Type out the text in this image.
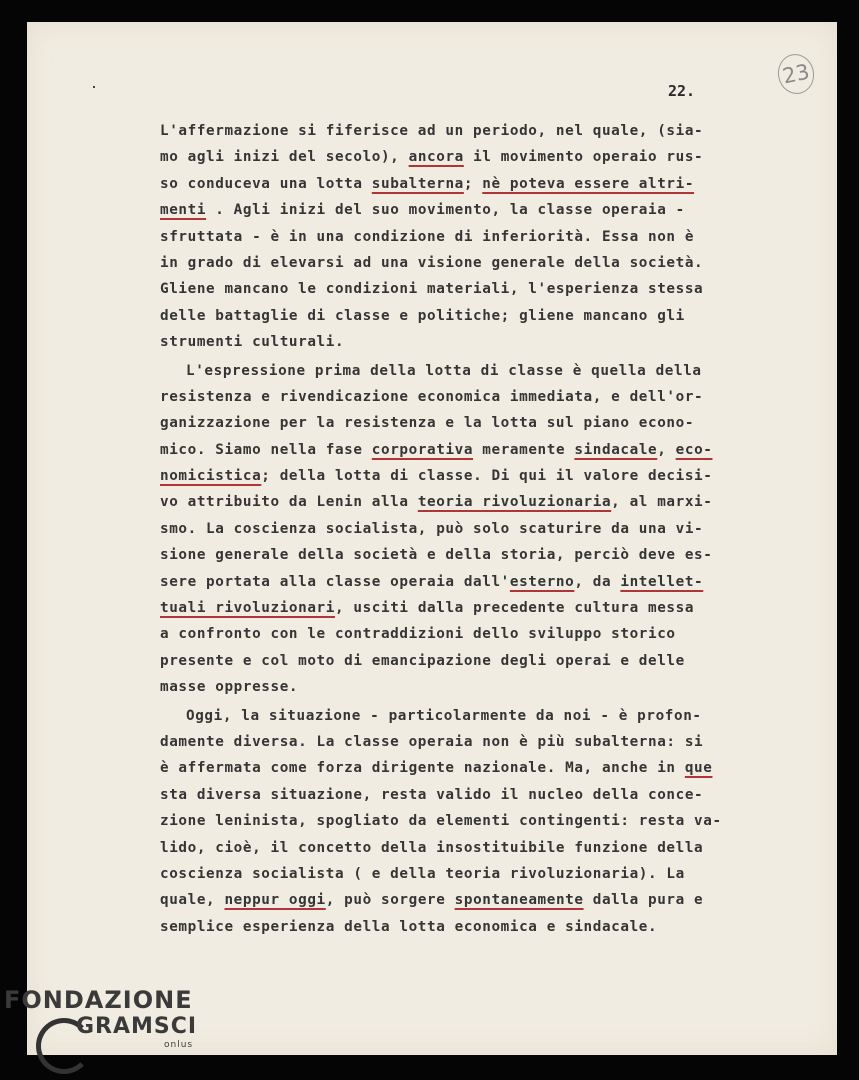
22.
23
L'affermazione si fiferisce ad un periodo, nel quale, (sia-
mo agli inizi del secolo), ancora il movimento operaio rus-
so conduceva una lotta subalterna; nè poteva essere altri-
menti . Agli inizi del suo movimento, la classe operaia -
sfruttata - è in una condizione di inferiorità. Essa non è
in grado di elevarsi ad una visione generale della società.
Gliene mancano le condizioni materiali, l'esperienza stessa
delle battaglie di classe e politiche; gliene mancano gli
strumenti culturali.
L'espressione prima della lotta di classe è quella della
resistenza e rivendicazione economica immediata, e dell'or-
ganizzazione per la resistenza e la lotta sul piano econo-
mico. Siamo nella fase corporativa meramente sindacale, eco-
nomicistica; della lotta di classe. Di qui il valore decisi-
vo attribuito da Lenin alla teoria rivoluzionaria, al marxi-
smo. La coscienza socialista, può solo scaturire da una vi-
sione generale della società e della storia, perciò deve es-
sere portata alla classe operaia dall'esterno, da intellet-
tuali rivoluzionari, usciti dalla precedente cultura messa
a confronto con le contraddizioni dello sviluppo storico
presente e col moto di emancipazione degli operai e delle
masse oppresse.
Oggi, la situazione - particolarmente da noi - è profon-
damente diversa. La classe operaia non è più subalterna: si
è affermata come forza dirigente nazionale. Ma, anche in que
sta diversa situazione, resta valido il nucleo della conce-
zione leninista, spogliato da elementi contingenti: resta va-
lido, cioè, il concetto della insostituibile funzione della
coscienza socialista ( e della teoria rivoluzionaria). La
quale, neppur oggi, può sorgere spontaneamente dalla pura e
semplice esperienza della lotta economica e sindacale.
FONDAZIONE
GRAMSCI
onlus
